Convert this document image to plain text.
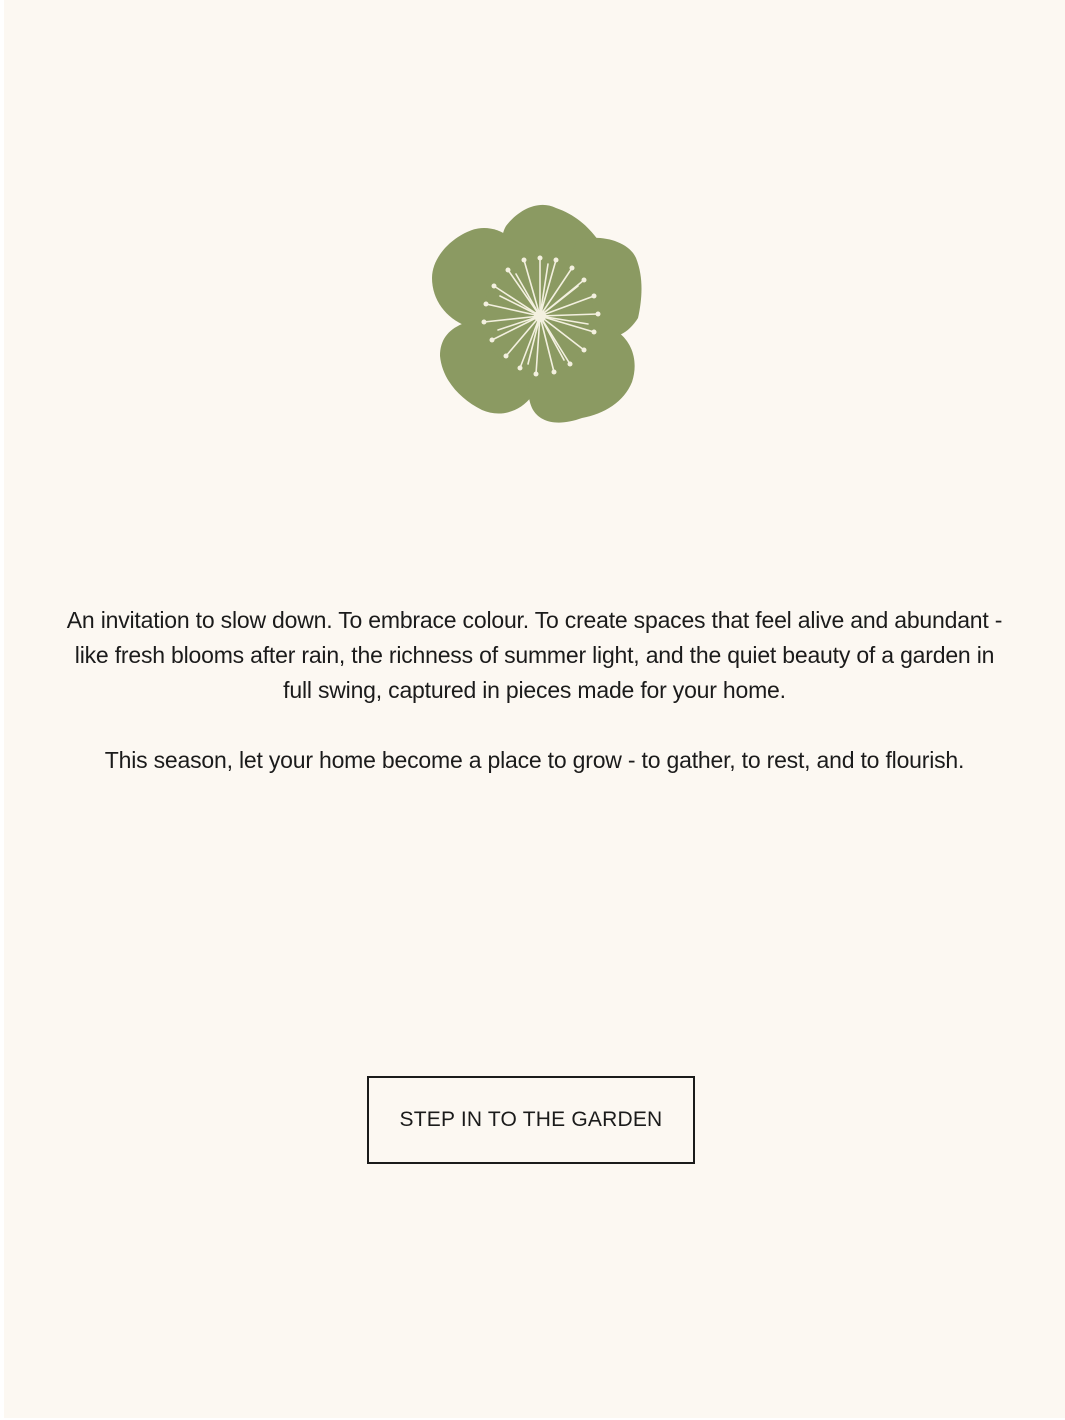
An invitation to slow down. To embrace colour. To create spaces that feel alive and abundant - like fresh blooms after rain, the richness of summer light, and the quiet beauty of a garden in full swing, captured in pieces made for your home.

This season, let your home become a place to grow - to gather, to rest, and to flourish.

STEP IN TO THE GARDEN
